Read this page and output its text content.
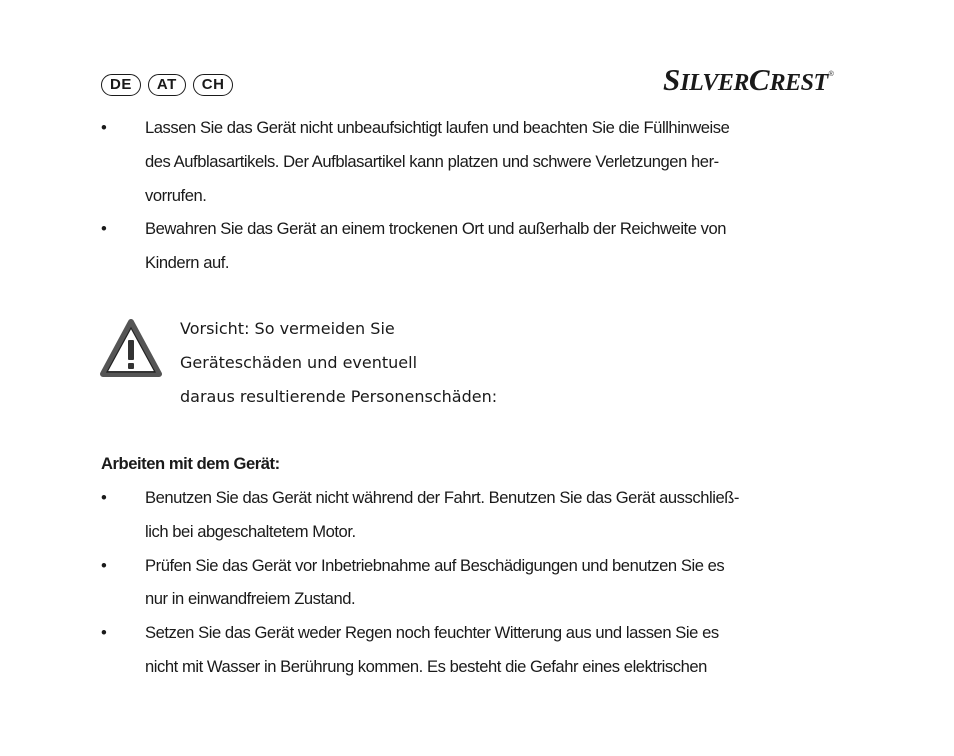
DE	AT	CH	SILVERCREST®
• Lassen Sie das Gerät nicht unbeaufsichtigt laufen und beachten Sie die Füllhinweise
des Aufblasartikels. Der Aufblasartikel kann platzen und schwere Verletzungen her-
vorrufen.
• Bewahren Sie das Gerät an einem trockenen Ort und außerhalb der Reichweite von
Kindern auf.
Vorsicht: So vermeiden Sie
Geräteschäden und eventuell
daraus resultierende Personenschäden:
Arbeiten mit dem Gerät:
• Benutzen Sie das Gerät nicht während der Fahrt. Benutzen Sie das Gerät ausschließ-
lich bei abgeschaltetem Motor.
• Prüfen Sie das Gerät vor Inbetriebnahme auf Beschädigungen und benutzen Sie es
nur in einwandfreiem Zustand.
• Setzen Sie das Gerät weder Regen noch feuchter Witterung aus und lassen Sie es
nicht mit Wasser in Berührung kommen. Es besteht die Gefahr eines elektrischen
